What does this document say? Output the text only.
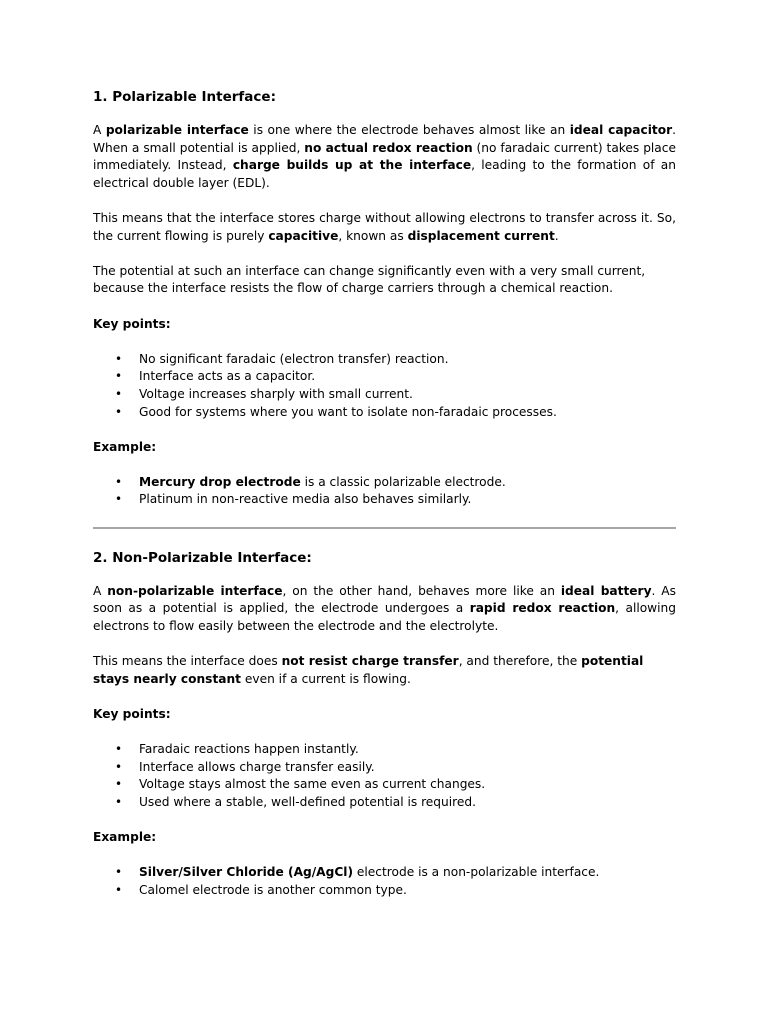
1. Polarizable Interface:

A polarizable interface is one where the electrode behaves almost like an ideal capacitor. When a small potential is applied, no actual redox reaction (no faradaic current) takes place immediately. Instead, charge builds up at the interface, leading to the formation of an electrical double layer (EDL).

This means that the interface stores charge without allowing electrons to transfer across it. So, the current flowing is purely capacitive, known as displacement current.

The potential at such an interface can change significantly even with a very small current, because the interface resists the flow of charge carriers through a chemical reaction.

Key points:
• No significant faradaic (electron transfer) reaction.
• Interface acts as a capacitor.
• Voltage increases sharply with small current.
• Good for systems where you want to isolate non-faradaic processes.
Example:
• Mercury drop electrode is a classic polarizable electrode.
• Platinum in non-reactive media also behaves similarly.
2. Non-Polarizable Interface:

A non-polarizable interface, on the other hand, behaves more like an ideal battery. As soon as a potential is applied, the electrode undergoes a rapid redox reaction, allowing electrons to flow easily between the electrode and the electrolyte.

This means the interface does not resist charge transfer, and therefore, the potential stays nearly constant even if a current is flowing.

Key points:
• Faradaic reactions happen instantly.
• Interface allows charge transfer easily.
• Voltage stays almost the same even as current changes.
• Used where a stable, well-defined potential is required.
Example:
• Silver/Silver Chloride (Ag/AgCl) electrode is a non-polarizable interface.
• Calomel electrode is another common type.
